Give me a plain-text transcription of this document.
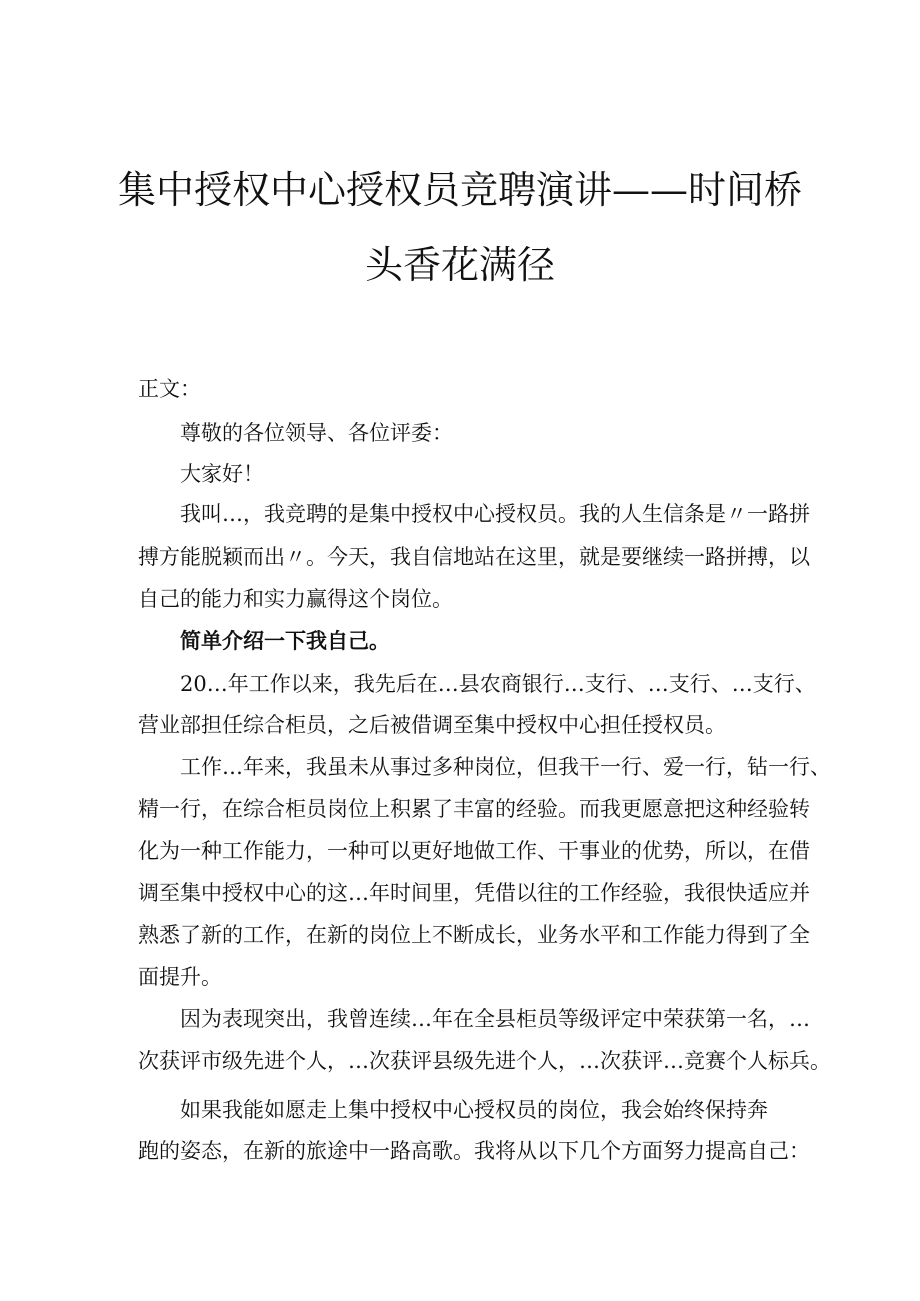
集中授权中心授权员竞聘演讲——时间桥
头香花满径
正文：
尊敬的各位领导、各位评委：
大家好！
我叫…，我竞聘的是集中授权中心授权员。我的人生信条是〃一路拼
搏方能脱颖而出〃。今天，我自信地站在这里，就是要继续一路拼搏，以
自己的能力和实力赢得这个岗位。
简单介绍一下我自己。
20…年工作以来，我先后在…县农商银行…支行、…支行、…支行、
营业部担任综合柜员，之后被借调至集中授权中心担任授权员。
工作…年来，我虽未从事过多种岗位，但我干一行、爱一行，钻一行、
精一行，在综合柜员岗位上积累了丰富的经验。而我更愿意把这种经验转
化为一种工作能力，一种可以更好地做工作、干事业的优势，所以，在借
调至集中授权中心的这…年时间里，凭借以往的工作经验，我很快适应并
熟悉了新的工作，在新的岗位上不断成长，业务水平和工作能力得到了全
面提升。
因为表现突出，我曾连续…年在全县柜员等级评定中荣获第一名，…
次获评市级先进个人，…次获评县级先进个人，…次获评…竞赛个人标兵。
如果我能如愿走上集中授权中心授权员的岗位，我会始终保持奔
跑的姿态，在新的旅途中一路高歌。我将从以下几个方面努力提高自己：
